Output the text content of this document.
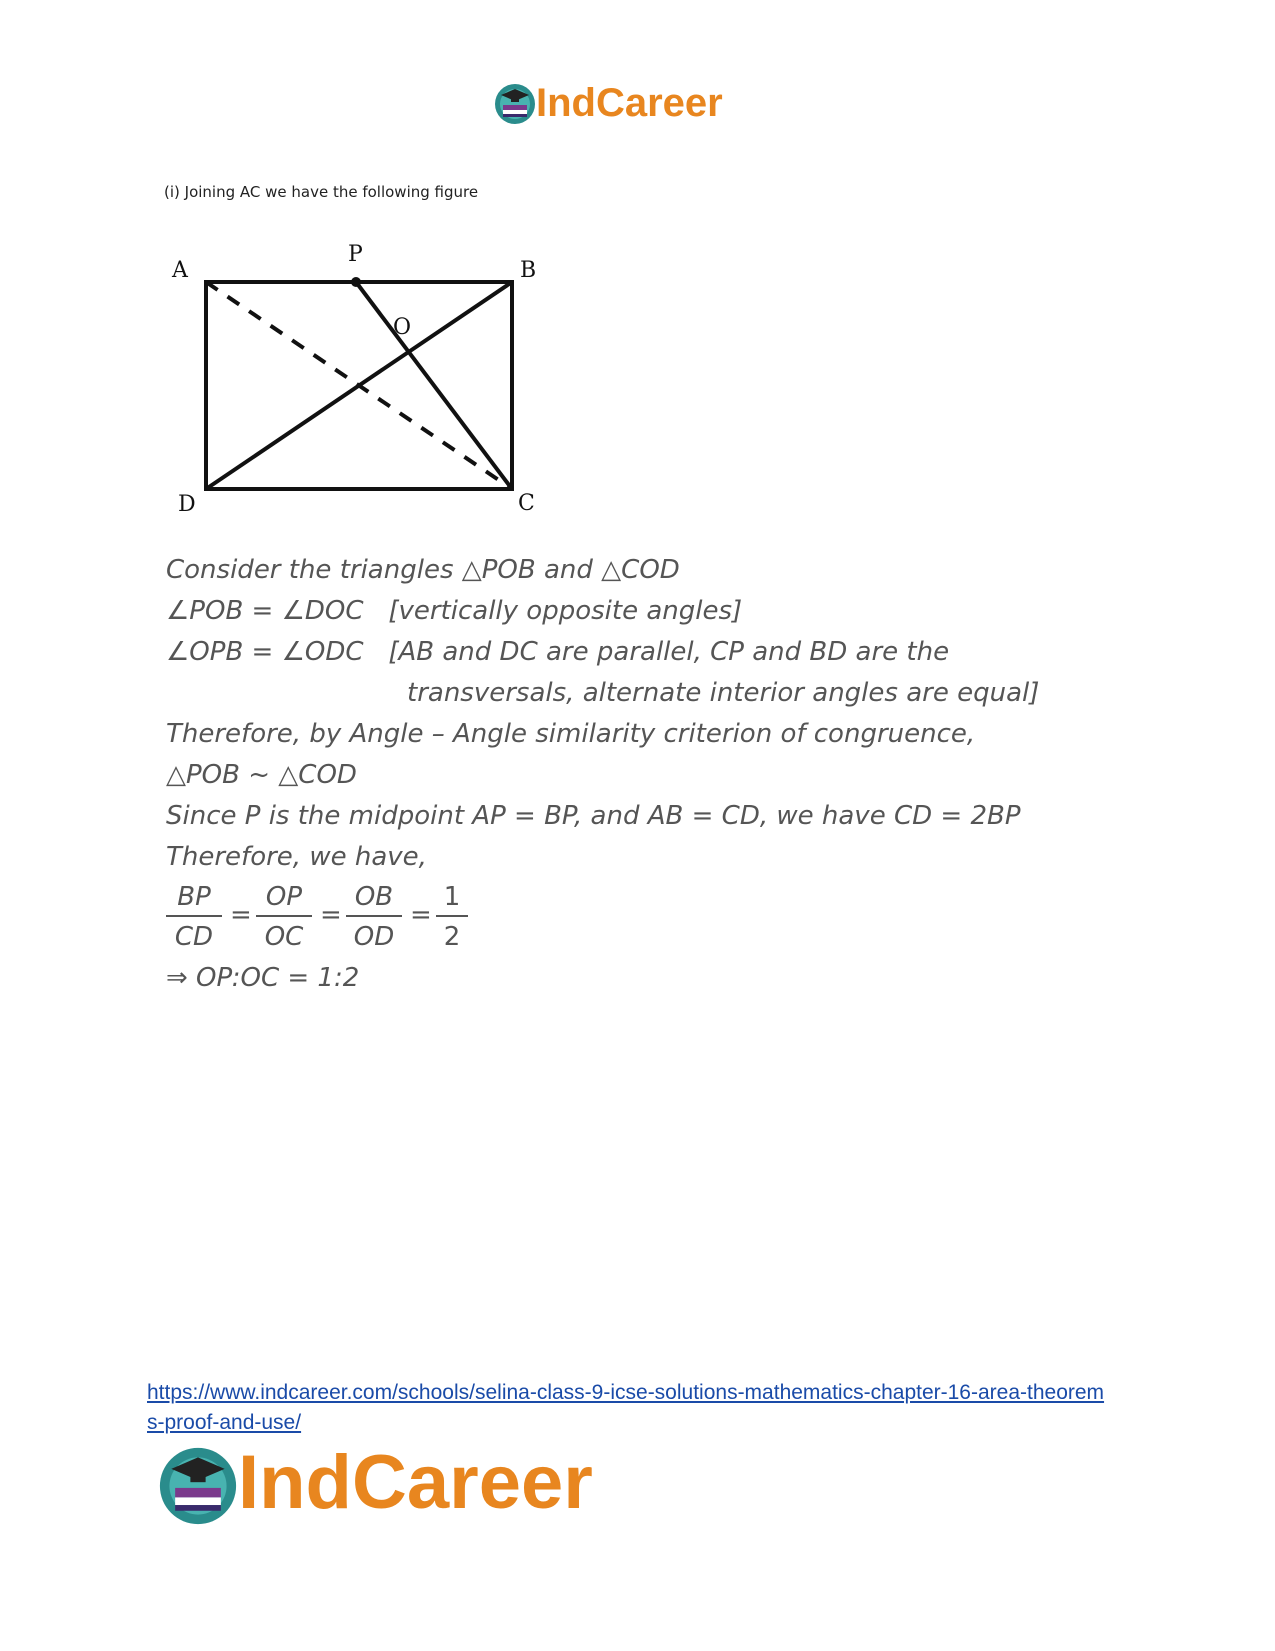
IndCareer
(i) Joining AC we have the following figure
A
P
B
O
D	C
Consider the triangles △POB and △COD
∠POB = ∠DOC   [vertically opposite angles]
∠OPB = ∠ODC   [AB and DC are parallel, CP and BD are the
transversals, alternate interior angles are equal]
Therefore, by Angle – Angle similarity criterion of congruence,
△POB ~ △COD
Since P is the midpoint AP = BP, and AB = CD, we have CD = 2BP
Therefore, we have,
BP
CD
=
OP
OC
=
OB
OD
=
1
2
⇒ OP:OC = 1:2
https://www.indcareer.com/schools/selina-class-9-icse-solutions-mathematics-chapter-16-area-theorems-proof-and-use/
IndCareer
